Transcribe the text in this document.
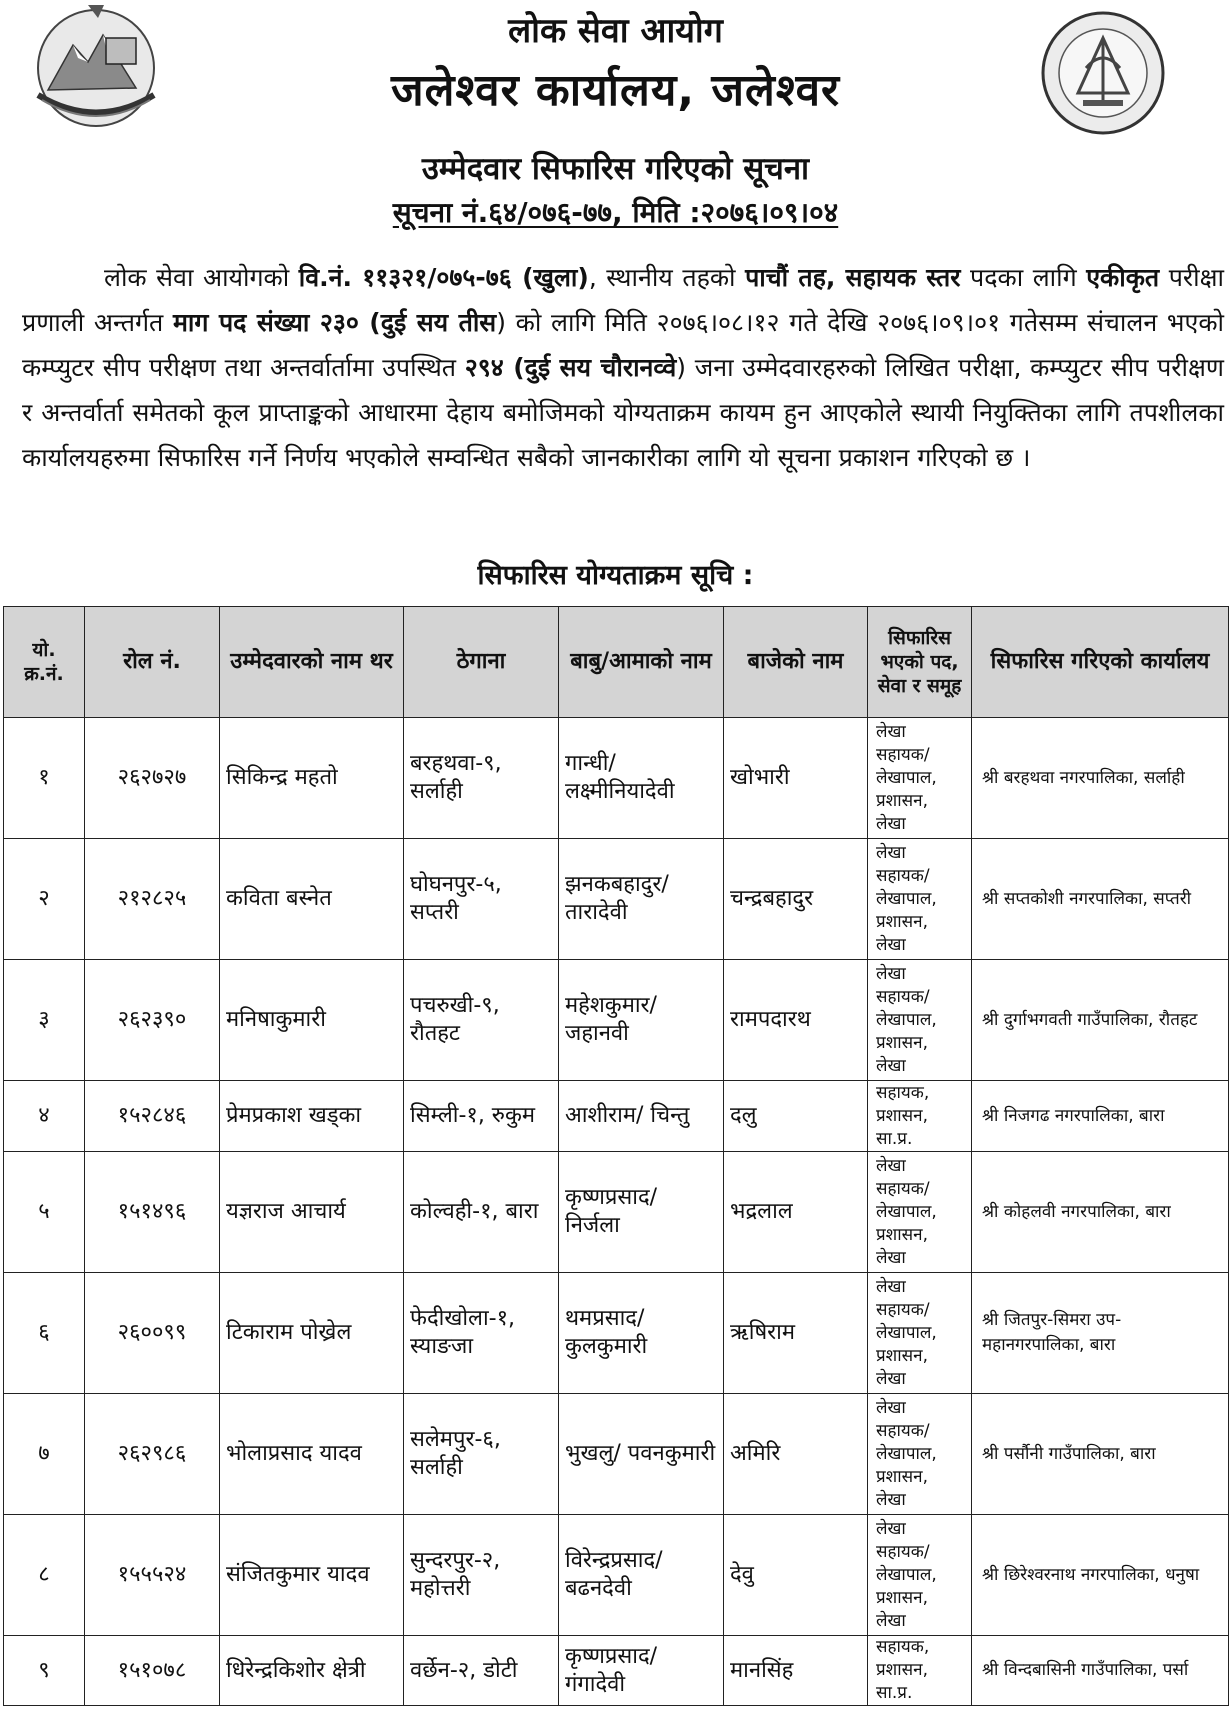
लोक सेवा आयोग
जलेश्वर कार्यालय, जलेश्वर
उम्मेदवार सिफारिस गरिएको सूचना
सूचना नं.६४/०७६-७७, मिति :२०७६।०९।०४
लोक सेवा आयोगको वि.नं. ११३२१/०७५-७६ (खुला), स्थानीय तहको पाचौं तह, सहायक स्तर पदका लागि एकीकृत परीक्षा प्रणाली अन्तर्गत माग पद संख्या २३० (दुई सय तीस) को लागि मिति २०७६।०८।१२ गते देखि २०७६।०९।०१ गतेसम्म संचालन भएको कम्प्युटर सीप परीक्षण तथा अन्तर्वार्तामा उपस्थित २९४ (दुई सय चौरानव्वे) जना उम्मेदवारहरुको लिखित परीक्षा, कम्प्युटर सीप परीक्षण र अन्तर्वार्ता समेतको कूल प्राप्ताङ्कको आधारमा देहाय बमोजिमको योग्यताक्रम कायम हुन आएकोले स्थायी नियुक्तिका लागि तपशीलका कार्यालयहरुमा सिफारिस गर्ने निर्णय भएकोले सम्वन्धित सबैको जानकारीका लागि यो सूचना प्रकाशन गरिएको छ ।
सिफारिस योग्यताक्रम सूचि :
यो. क्र.नं.	रोल नं.	उम्मेदवारको नाम थर	ठेगाना	बाबु/आमाको नाम	बाजेको नाम	सिफारिस भएको पद, सेवा र समूह	सिफारिस गरिएको कार्यालय
१	२६२७२७	सिकिन्द्र महतो	बरहथवा-९, सर्लाही	गान्धी/ लक्ष्मीनियादेवी	खोभारी	लेखा सहायक/ लेखापाल, प्रशासन, लेखा	श्री बरहथवा नगरपालिका, सर्लाही
२	२१२८२५	कविता बस्नेत	घोघनपुर-५, सप्तरी	झनकबहादुर/ तारादेवी	चन्द्रबहादुर	लेखा सहायक/ लेखापाल, प्रशासन, लेखा	श्री सप्तकोशी नगरपालिका, सप्तरी
३	२६२३९०	मनिषाकुमारी	पचरुखी-९, रौतहट	महेशकुमार/ जहानवी	रामपदारथ	लेखा सहायक/ लेखापाल, प्रशासन, लेखा	श्री दुर्गाभगवती गाउँपालिका, रौतहट
४	१५२८४६	प्रेमप्रकाश खड्का	सिम्ली-१, रुकुम	आशीराम/ चिन्तु	दलु	सहायक, प्रशासन, सा.प्र.	श्री निजगढ नगरपालिका, बारा
५	१५१४९६	यज्ञराज आचार्य	कोल्वही-१, बारा	कृष्णप्रसाद/ निर्जला	भद्रलाल	लेखा सहायक/ लेखापाल, प्रशासन, लेखा	श्री कोहलवी नगरपालिका, बारा
६	२६००९९	टिकाराम पोख्रेल	फेदीखोला-१, स्याङजा	थमप्रसाद/ कुलकुमारी	ऋषिराम	लेखा सहायक/ लेखापाल, प्रशासन, लेखा	श्री जितपुर-सिमरा उप-महानगरपालिका, बारा
७	२६२९८६	भोलाप्रसाद यादव	सलेमपुर-६, सर्लाही	भुखलु/ पवनकुमारी	अमिरि	लेखा सहायक/ लेखापाल, प्रशासन, लेखा	श्री पर्सौनी गाउँपालिका, बारा
८	१५५५२४	संजितकुमार यादव	सुन्दरपुर-२, महोत्तरी	विरेन्द्रप्रसाद/ बढनदेवी	देवु	लेखा सहायक/ लेखापाल, प्रशासन, लेखा	श्री छिरेश्वरनाथ नगरपालिका, धनुषा
९	१५१०७८	धिरेन्द्रकिशोर क्षेत्री	वर्छेन-२, डोटी	कृष्णप्रसाद/ गंगादेवी	मानसिंह	सहायक, प्रशासन, सा.प्र.	श्री विन्दबासिनी गाउँपालिका, पर्सा
